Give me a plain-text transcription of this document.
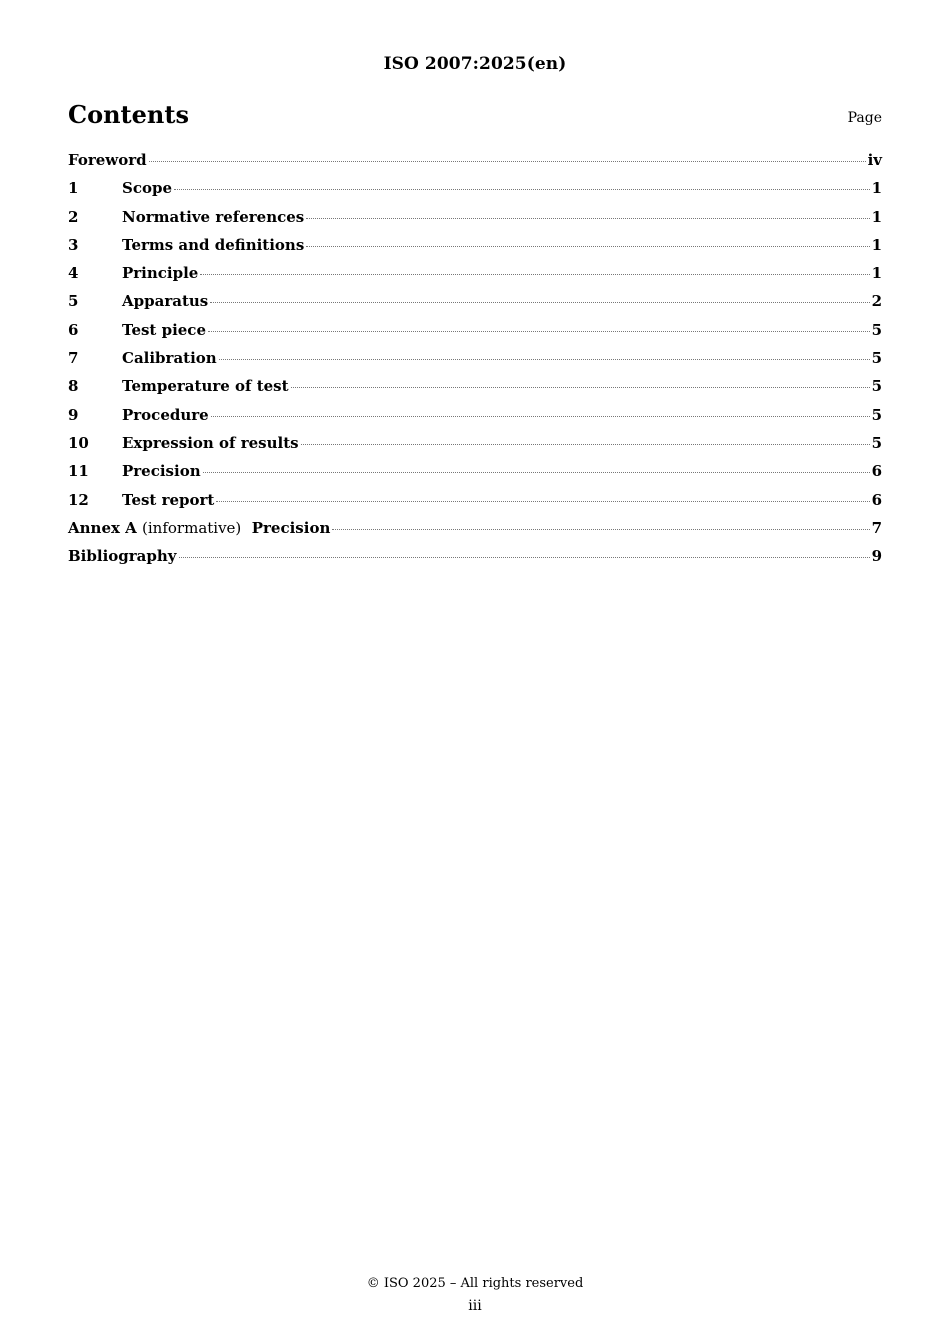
ISO 2007:2025(en)
Contents	Page
Foreword	iv
1	Scope	1
2	Normative references	1
3	Terms and definitions	1
4	Principle	1
5	Apparatus	2
6	Test piece	5
7	Calibration	5
8	Temperature of test	5
9	Procedure	5
10	Expression of results	5
11	Precision	6
12	Test report	6
Annex A (informative) Precision	7
Bibliography	9
© ISO 2025 – All rights reserved
iii
